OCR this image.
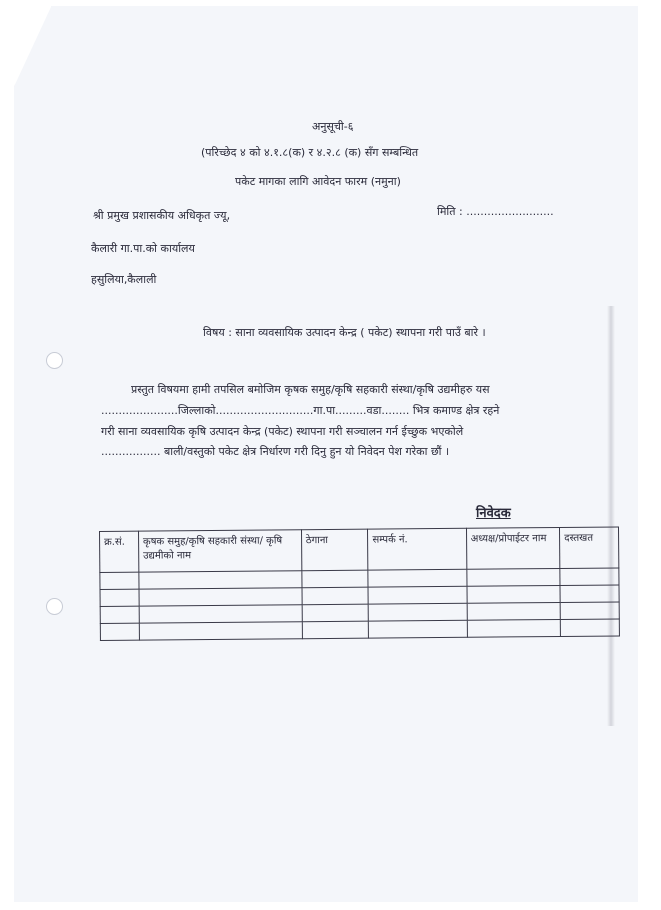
अनुसूची-६
(परिच्छेद ४ को ४.१.८(क) र ४.२.८ (क) सँग सम्बन्धित
पकेट मागका लागि आवेदन फारम (नमुना)
श्री प्रमुख प्रशासकीय अधिकृत ज्यू,	मिति : .........................
कैलारी गा.पा.को कार्यालय
हसुलिया,कैलाली
विषय : साना व्यवसायिक उत्पादन केन्द्र ( पकेट) स्थापना गरी पाउँ बारे ।
प्रस्तुत विषयमा हामी तपसिल बमोजिम कृषक समुह/कृषि सहकारी संस्था/कृषि उद्यमीहरु यस
......................जिल्लाको............................गा.पा.........वडा........ भित्र कमाण्ड क्षेत्र रहने
गरी साना व्यवसायिक कृषि उत्पादन केन्द्र (पकेट) स्थापना गरी सञ्चालन गर्न ईच्छुक भएकोले
................. बाली/वस्तुको पकेट क्षेत्र निर्धारण गरी दिनु हुन यो निवेदन पेश गरेका छौं ।
निवेदक
क्र.सं.	कृषक समुह/कृषि सहकारी संस्था/ कृषि उद्यमीको नाम	ठेगाना	सम्पर्क नं.	अध्यक्ष/प्रोपाईटर नाम	दस्तखत
